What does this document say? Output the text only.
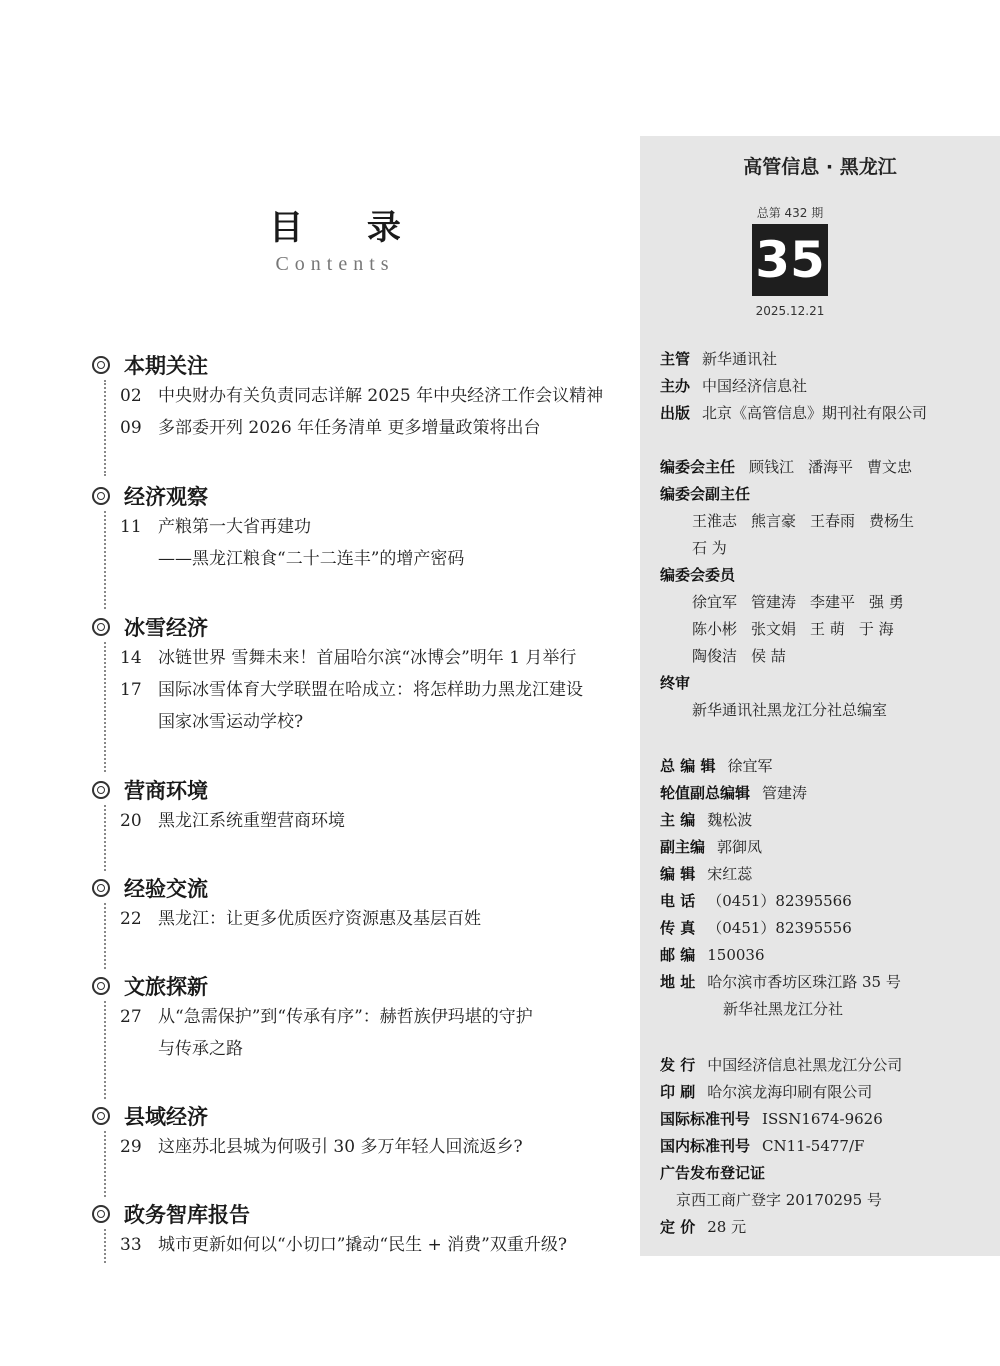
目 录
Contents
本期关注
02 中央财办有关负责同志详解 2025 年中央经济工作会议精神
09 多部委开列 2026 年任务清单 更多增量政策将出台
经济观察
11 产粮第一大省再建功
——黑龙江粮食“二十二连丰”的增产密码
冰雪经济
14 冰链世界 雪舞未来！首届哈尔滨“冰博会”明年 1 月举行
17 国际冰雪体育大学联盟在哈成立：将怎样助力黑龙江建设
国家冰雪运动学校?
营商环境
20 黑龙江系统重塑营商环境
经验交流
22 黑龙江：让更多优质医疗资源惠及基层百姓
文旅探新
27 从“急需保护”到“传承有序”：赫哲族伊玛堪的守护
与传承之路
县域经济
29 这座苏北县城为何吸引 30 多万年轻人回流返乡?
政务智库报告
33 城市更新如何以“小切口”撬动“民生 + 消费”双重升级?
高管信息 · 黑龙江
总第 432 期
35
2025.12.21
主管 新华通讯社
主办 中国经济信息社
出版 北京《高管信息》期刊社有限公司
编委会主任 顾钱江 潘海平 曹文忠
编委会副主任
王淮志 熊言豪 王春雨 费杨生
石 为
编委会委员
徐宜军 管建涛 李建平 强 勇
陈小彬 张文娟 王 萌 于 海
陶俊洁 侯 喆
终审
新华通讯社黑龙江分社总编室
总 编 辑 徐宜军
轮值副总编辑 管建涛
主 编 魏松波
副主编 郭御凤
编 辑 宋红蕊
电 话 （0451）82395566
传 真 （0451）82395556
邮 编 150036
地 址 哈尔滨市香坊区珠江路 35 号
新华社黑龙江分社
发 行 中国经济信息社黑龙江分公司
印 刷 哈尔滨龙海印刷有限公司
国际标准刊号 ISSN1674-9626
国内标准刊号 CN11-5477/F
广告发布登记证
京西工商广登字 20170295 号
定 价 28 元
